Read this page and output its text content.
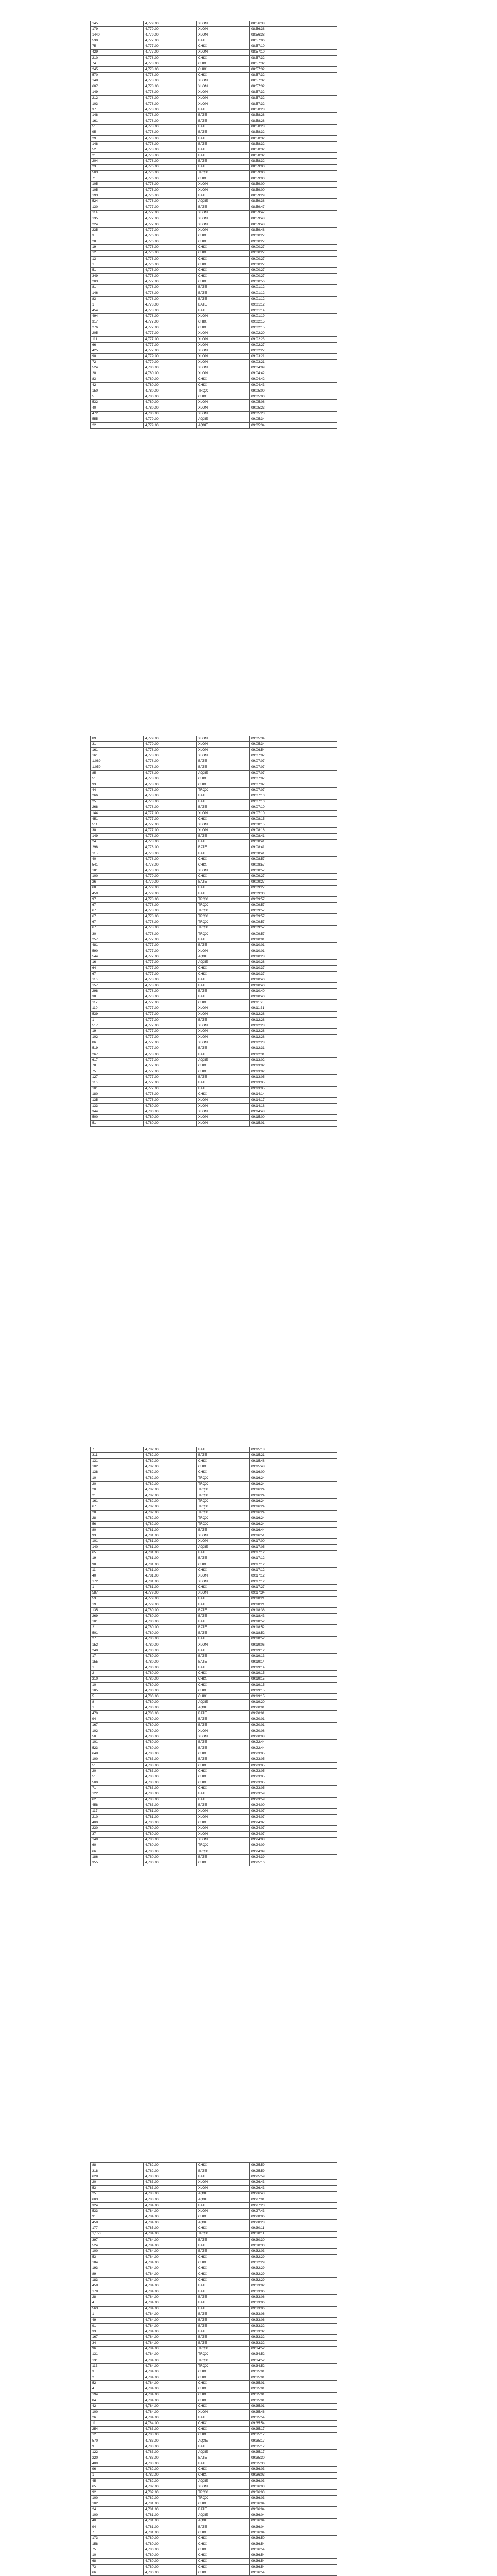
145	4,779.00	XLON	08:56:38
179	4,779.00	XLON	08:56:38
1440	4,779.00	XLON	08:56:38
530	4,777.00	BATE	08:57:06
75	4,777.00	CHIX	08:57:10
429	4,777.00	XLON	08:57:10
210	4,778.00	CHIX	08:57:32
74	4,778.00	CHIX	08:57:32
245	4,778.00	CHIX	08:57:32
570	4,778.00	CHIX	08:57:32
148	4,778.00	XLON	08:57:32
607	4,778.00	XLON	08:57:32
149	4,778.00	XLON	08:57:32
212	4,778.00	XLON	08:57:32
103	4,778.00	XLON	08:57:32
37	4,778.00	BATE	08:58:28
148	4,778.00	BATE	08:58:28
161	4,778.00	BATE	08:58:28
51	4,778.00	BATE	08:58:28
95	4,778.00	BATE	08:58:32
29	4,778.00	BATE	08:58:32
148	4,778.00	BATE	08:58:32
52	4,778.00	BATE	08:58:32
21	4,778.00	BATE	08:58:32
204	4,778.00	BATE	08:58:32
23	4,776.00	BATE	08:59:00
503	4,776.00	TRQX	08:59:00
71	4,776.00	CHIX	08:59:00
105	4,776.00	XLON	08:59:00
105	4,776.00	XLON	08:59:00
193	4,776.00	BATE	08:59:29
524	4,776.00	AQXE	08:59:38
130	4,777.00	BATE	08:59:47
114	4,777.00	XLON	08:59:47
135	4,777.00	XLON	08:59:48
224	4,777.00	XLON	08:59:48
235	4,777.00	XLON	08:59:48
3	4,776.00	CHIX	09:00:27
28	4,776.00	CHIX	09:00:27
19	4,776.00	CHIX	09:00:27
12	4,776.00	CHIX	09:00:27
13	4,776.00	CHIX	09:00:27
1	4,776.00	CHIX	09:00:27
51	4,776.00	CHIX	09:00:27
349	4,776.00	CHIX	09:00:27
203	4,777.00	CHIX	09:00:56
81	4,778.00	BATE	09:01:12
146	4,778.00	BATE	09:01:12
83	4,778.00	BATE	09:01:12
1	4,778.00	BATE	09:01:12
454	4,778.00	BATE	09:01:14
494	4,778.00	XLON	09:01:19
317	4,777.00	CHIX	09:02:15
276	4,777.00	CHIX	09:02:15
205	4,777.00	XLON	09:02:20
111	4,777.00	XLON	09:02:23
66	4,777.00	XLON	09:02:27
425	4,777.00	XLON	09:02:27
90	4,779.00	XLON	09:03:21
72	4,779.00	XLON	09:03:21
524	4,780.00	XLON	09:04:09
20	4,780.00	XLON	09:04:42
83	4,780.00	CHIX	09:04:42
42	4,780.00	CHIX	09:04:43
150	4,780.00	TRQX	09:05:00
5	4,780.00	CHIX	09:05:00
532	4,780.00	XLON	09:05:08
40	4,780.00	XLON	09:05:23
472	4,780.00	XLON	09:05:23
555	4,779.00	AQXE	09:05:34
22	4,779.00	AQXE	09:05:34
89	4,779.00	XLON	09:05:34
31	4,779.00	XLON	09:05:34
161	4,778.00	XLON	09:06:54
161	4,778.00	XLON	09:07:07
1,069	4,778.00	BATE	09:07:07
1,059	4,778.00	BATE	09:07:07
85	4,778.00	AQXE	09:07:07
51	4,778.00	CHIX	09:07:07
93	4,778.00	CHIX	09:07:07
44	4,778.00	TRQX	09:07:07
266	4,778.00	BATE	09:07:10
25	4,778.00	BATE	09:07:10
268	4,778.00	BATE	09:07:10
144	4,777.00	XLON	09:07:10
451	4,777.00	CHIX	09:08:15
511	4,777.00	XLON	09:08:15
30	4,777.00	XLON	09:08:16
149	4,778.00	BATE	09:08:41
24	4,778.00	BATE	09:08:41
298	4,778.00	BATE	09:08:41
115	4,778.00	BATE	09:08:41
40	4,778.00	CHIX	09:08:57
541	4,778.00	CHIX	09:08:57
181	4,778.00	XLON	09:08:57
100	4,779.00	CHIX	09:09:27
26	4,779.00	BATE	09:09:27
68	4,779.00	BATE	09:09:27
459	4,779.00	BATE	09:09:30
97	4,778.00	TRQX	09:09:57
67	4,778.00	TRQX	09:09:57
67	4,778.00	TRQX	09:09:57
67	4,778.00	TRQX	09:09:57
67	4,778.00	TRQX	09:09:57
67	4,778.00	TRQX	09:09:57
30	4,778.00	TRQX	09:09:57
257	4,777.00	BATE	09:10:01
481	4,777.00	BATE	09:10:01
590	4,777.00	XLON	09:10:01
544	4,777.00	AQXE	09:10:28
16	4,777.00	AQXE	09:10:28
64	4,777.00	CHIX	09:10:37
67	4,777.00	CHIX	09:10:37
116	4,778.00	BATE	09:10:40
157	4,778.00	BATE	09:10:40
298	4,778.00	BATE	09:10:40
38	4,778.00	BATE	09:10:40
117	4,777.00	CHIX	09:11:25
110	4,777.00	XLON	09:11:31
539	4,777.00	XLON	09:12:28
1	4,777.00	BATE	09:12:28
517	4,777.00	XLON	09:12:28
19	4,777.00	XLON	09:12:28
102	4,777.00	XLON	09:12:28
86	4,777.00	XLON	09:12:28
519	4,777.00	BATE	09:12:31
267	4,778.00	BATE	09:12:31
617	4,777.00	AQXE	09:13:02
78	4,777.00	CHIX	09:13:02
75	4,777.00	CHIX	09:13:02
127	4,777.00	BATE	09:13:05
116	4,777.00	BATE	09:13:05
101	4,777.00	BATE	09:13:05
180	4,776.00	CHIX	09:14:14
135	4,776.00	XLON	09:14:17
133	4,780.00	XLON	09:14:18
344	4,780.00	XLON	09:14:48
500	4,780.00	XLON	09:15:00
51	4,780.00	XLON	09:15:01
7	4,782.00	BATE	09:15:18
311	4,782.00	BATE	09:15:21
131	4,782.00	CHIX	09:15:48
102	4,782.00	CHIX	09:15:48
138	4,782.00	CHIX	09:16:00
10	4,782.00	TRQX	09:16:24
20	4,782.00	TRQX	09:16:24
20	4,782.00	TRQX	09:16:24
21	4,782.00	TRQX	09:16:24
161	4,782.00	TRQX	09:16:24
67	4,782.00	TRQX	09:16:24
28	4,782.00	TRQX	09:16:24
28	4,782.00	TRQX	09:16:24
56	4,782.00	TRQX	09:16:24
80	4,781.00	BATE	09:16:44
93	4,781.00	XLON	09:16:51
101	4,781.00	XLON	09:17:00
140	4,781.00	AQXE	09:17:05
65	4,781.00	BATE	09:17:12
19	4,781.00	BATE	09:17:12
98	4,781.00	CHIX	09:17:12
11	4,781.00	CHIX	09:17:12
40	4,781.00	XLON	09:17:12
172	4,781.00	XLON	09:17:12
1	4,781.00	CHIX	09:17:27
587	4,779.00	XLON	09:17:34
53	4,779.00	BATE	09:18:21
19	4,779.00	BATE	09:18:21
135	4,780.00	BATE	09:18:36
269	4,780.00	BATE	09:18:43
101	4,780.00	BATE	09:18:52
21	4,780.00	BATE	09:18:52
501	4,780.00	BATE	09:18:52
27	4,780.00	BATE	09:18:52
152	4,780.00	XLON	09:19:06
240	4,780.00	BATE	09:19:12
17	4,780.00	BATE	09:19:13
155	4,780.00	BATE	09:19:14
1	4,780.00	BATE	09:19:14
2	4,780.00	CHIX	09:19:15
210	4,780.00	CHIX	09:19:15
10	4,780.00	CHIX	09:19:15
105	4,780.00	CHIX	09:19:15
5	4,780.00	CHIX	09:19:15
8	4,780.00	AQXE	09:19:20
1	4,780.00	AQXE	09:20:01
470	4,780.00	BATE	09:20:01
94	4,780.00	BATE	09:20:01
167	4,780.00	BATE	09:20:01
102	4,780.00	XLON	09:20:08
50	4,780.00	XLON	09:20:08
101	4,780.00	BATE	09:22:44
523	4,780.00	BATE	09:22:44
648	4,783.00	CHIX	09:23:05
100	4,783.00	BATE	09:23:05
51	4,783.00	CHIX	09:23:05
20	4,783.00	CHIX	09:23:05
51	4,783.00	CHIX	09:23:05
500	4,783.00	CHIX	09:23:05
71	4,783.00	CHIX	09:23:05
122	4,783.00	BATE	09:23:59
62	4,783.00	BATE	09:23:59
458	4,783.00	BATE	09:24:00
117	4,781.00	XLON	09:24:07
210	4,781.00	XLON	09:24:07
400	4,780.00	CHIX	09:24:07
230	4,780.00	XLON	09:24:07
37	4,780.00	XLON	09:24:07
149	4,780.00	XLON	09:24:08
60	4,780.00	TRQX	09:24:09
66	4,780.00	TRQX	09:24:09
186	4,780.00	BATE	09:24:39
355	4,780.00	CHIX	09:25:16
88	4,782.00	CHIX	09:25:59
318	4,782.00	BATE	09:25:59
628	4,783.00	BATE	09:25:59
20	4,783.00	XLON	09:26:43
53	4,783.00	XLON	09:26:43
25	4,783.00	AQXE	09:26:43
603	4,783.00	AQXE	09:27:01
324	4,784.00	BATE	09:27:23
533	4,784.00	XLON	09:27:43
91	4,784.00	CHIX	09:28:06
458	4,784.00	AQXE	09:28:28
177	4,785.00	CHIX	09:30:11
1,150	4,784.00	TRQX	09:30:11
397	4,784.00	BATE	09:30:30
524	4,784.00	BATE	09:30:30
100	4,784.00	BATE	09:32:03
53	4,784.00	CHIX	09:32:29
184	4,784.00	CHIX	09:32:29
193	4,784.00	CHIX	09:32:29
89	4,784.00	CHIX	09:32:29
183	4,784.00	CHIX	09:32:29
458	4,784.00	BATE	09:33:02
178	4,784.00	BATE	09:33:06
28	4,784.00	BATE	09:33:06
4	4,784.00	BATE	09:33:06
563	4,784.00	BATE	09:33:06
1	4,784.00	BATE	09:33:06
49	4,784.00	BATE	09:33:06
91	4,784.00	BATE	09:33:32
33	4,784.00	BATE	09:33:32
167	4,784.00	BATE	09:33:32
34	4,784.00	BATE	09:33:32
96	4,784.00	TRQX	09:34:52
131	4,784.00	TRQX	09:34:52
131	4,784.00	TRQX	09:34:52
113	4,784.00	TRQX	09:34:52
3	4,784.00	CHIX	09:35:01
2	4,784.00	CHIX	09:35:01
52	4,784.00	CHIX	09:35:01
4	4,784.00	CHIX	09:35:01
194	4,784.00	CHIX	09:35:01
84	4,784.00	CHIX	09:35:01
42	4,784.00	CHIX	09:35:01
100	4,784.00	XLON	09:35:46
26	4,784.00	BATE	09:35:54
11	4,784.00	CHIX	09:35:54
254	4,783.00	CHIX	09:35:17
12	4,783.00	CHIX	09:35:17
570	4,783.00	AQXE	09:35:17
9	4,783.00	BATE	09:35:17
122	4,783.00	AQXE	09:35:17
220	4,783.00	BATE	09:35:30
489	4,783.00	BATE	09:35:30
96	4,782.00	CHIX	09:36:03
1	4,782.00	CHIX	09:36:03
45	4,782.00	AQXE	09:36:03
65	4,782.00	XLON	09:36:03
92	4,782.00	TRQX	09:36:03
100	4,782.00	TRQX	09:36:03
102	4,781.00	CHIX	09:36:04
24	4,781.00	BATE	09:36:04
100	4,781.00	AQXE	09:36:04
40	4,781.00	AQXE	09:36:04
94	4,781.00	BATE	09:36:04
7	4,781.00	CHIX	09:36:04
173	4,780.00	CHIX	09:36:50
158	4,780.00	CHIX	09:36:54
75	4,780.00	CHIX	09:36:54
10	4,780.00	CHIX	09:36:54
68	4,780.00	CHIX	09:36:54
73	4,780.00	CHIX	09:36:54
66	4,780.00	CHIX	09:36:54
